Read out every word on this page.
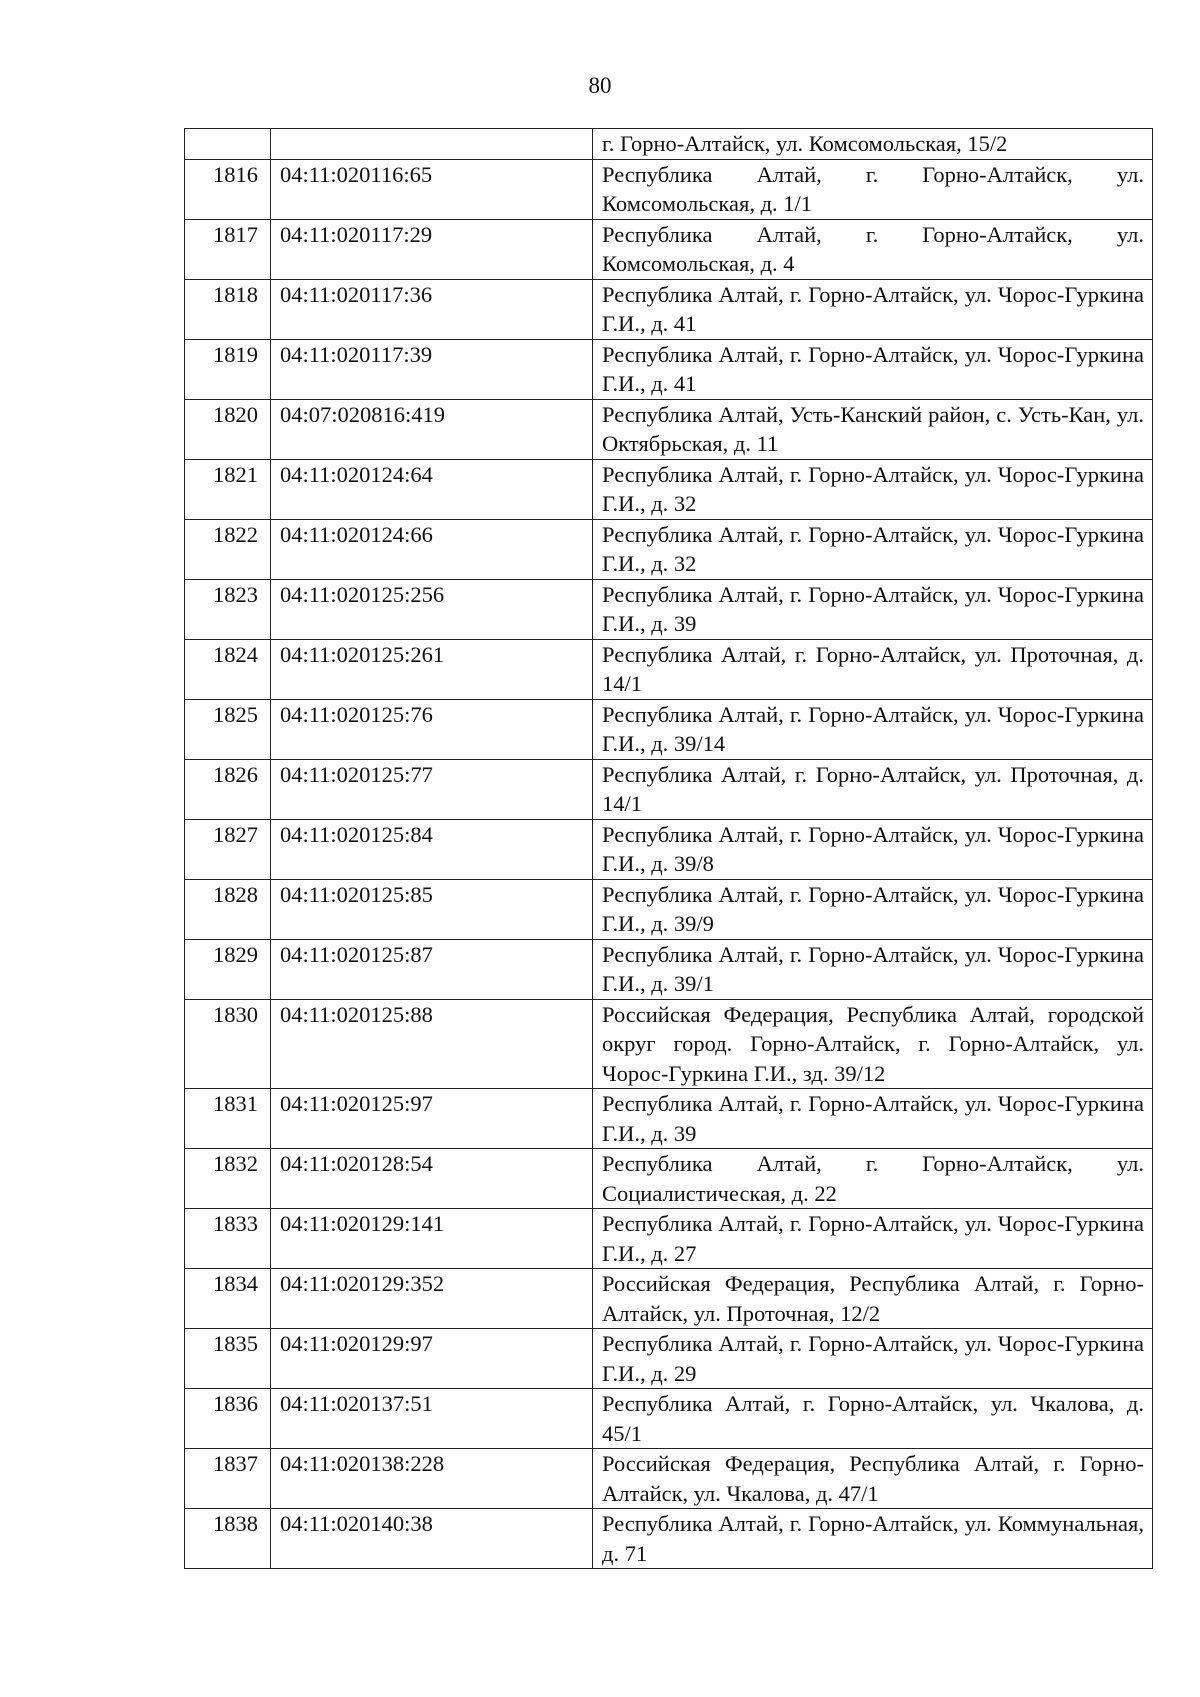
80
		г. Горно-Алтайск, ул. Комсомольская, 15/2
1816	04:11:020116:65	Республика Алтай, г. Горно-Алтайск, ул. Комсомольская, д. 1/1
1817	04:11:020117:29	Республика Алтай, г. Горно-Алтайск, ул. Комсомольская, д. 4
1818	04:11:020117:36	Республика Алтай, г. Горно-Алтайск, ул. Чорос-Гуркина Г.И., д. 41
1819	04:11:020117:39	Республика Алтай, г. Горно-Алтайск, ул. Чорос-Гуркина Г.И., д. 41
1820	04:07:020816:419	Республика Алтай, Усть-Канский район, с. Усть-Кан, ул. Октябрьская, д. 11
1821	04:11:020124:64	Республика Алтай, г. Горно-Алтайск, ул. Чорос-Гуркина Г.И., д. 32
1822	04:11:020124:66	Республика Алтай, г. Горно-Алтайск, ул. Чорос-Гуркина Г.И., д. 32
1823	04:11:020125:256	Республика Алтай, г. Горно-Алтайск, ул. Чорос-Гуркина Г.И., д. 39
1824	04:11:020125:261	Республика Алтай, г. Горно-Алтайск, ул. Проточная, д. 14/1
1825	04:11:020125:76	Республика Алтай, г. Горно-Алтайск, ул. Чорос-Гуркина Г.И., д. 39/14
1826	04:11:020125:77	Республика Алтай, г. Горно-Алтайск, ул. Проточная, д. 14/1
1827	04:11:020125:84	Республика Алтай, г. Горно-Алтайск, ул. Чорос-Гуркина Г.И., д. 39/8
1828	04:11:020125:85	Республика Алтай, г. Горно-Алтайск, ул. Чорос-Гуркина Г.И., д. 39/9
1829	04:11:020125:87	Республика Алтай, г. Горно-Алтайск, ул. Чорос-Гуркина Г.И., д. 39/1
1830	04:11:020125:88	Российская Федерация, Республика Алтай, городской округ город. Горно-Алтайск, г. Горно-Алтайск, ул. Чорос-Гуркина Г.И., зд. 39/12
1831	04:11:020125:97	Республика Алтай, г. Горно-Алтайск, ул. Чорос-Гуркина Г.И., д. 39
1832	04:11:020128:54	Республика Алтай, г. Горно-Алтайск, ул. Социалистическая, д. 22
1833	04:11:020129:141	Республика Алтай, г. Горно-Алтайск, ул. Чорос-Гуркина Г.И., д. 27
1834	04:11:020129:352	Российская Федерация, Республика Алтай, г. Горно-Алтайск, ул. Проточная, 12/2
1835	04:11:020129:97	Республика Алтай, г. Горно-Алтайск, ул. Чорос-Гуркина Г.И., д. 29
1836	04:11:020137:51	Республика Алтай, г. Горно-Алтайск, ул. Чкалова, д. 45/1
1837	04:11:020138:228	Российская Федерация, Республика Алтай, г. Горно-Алтайск, ул. Чкалова, д. 47/1
1838	04:11:020140:38	Республика Алтай, г. Горно-Алтайск, ул. Коммунальная, д. 71
